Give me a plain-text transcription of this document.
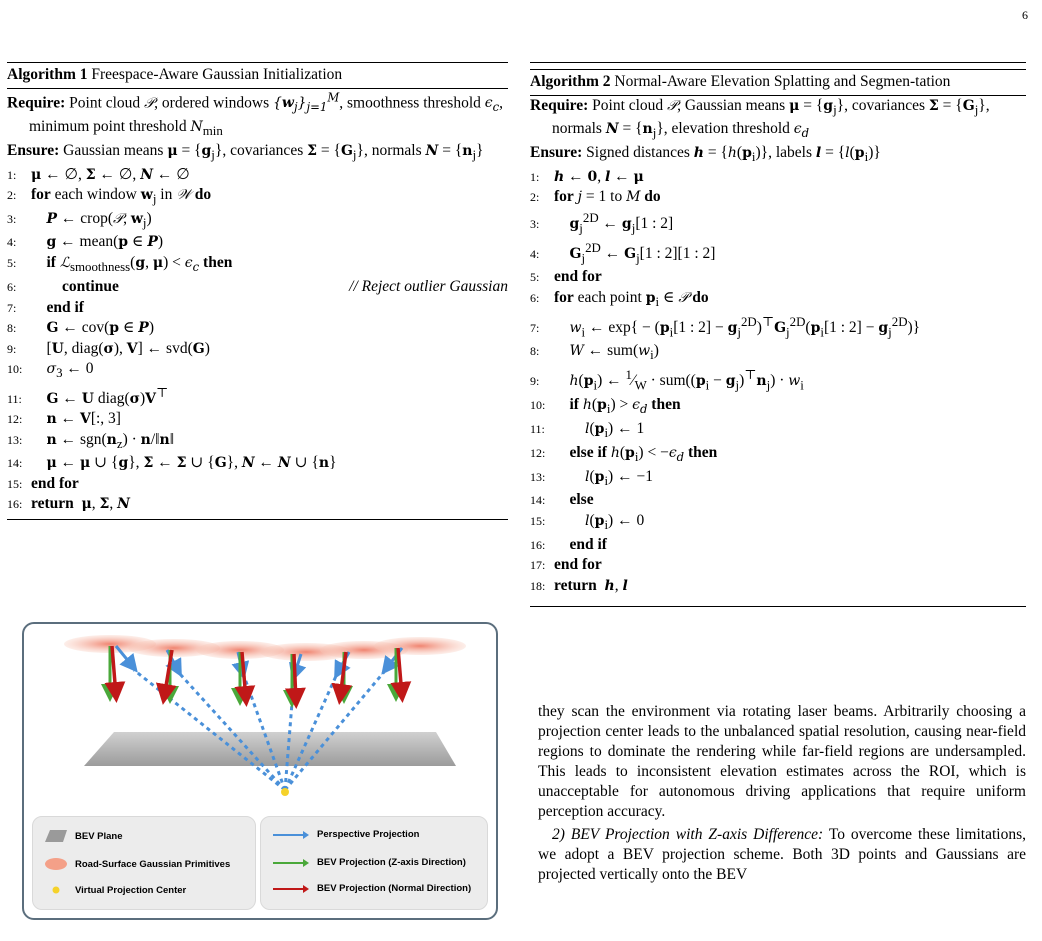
6
Algorithm 1 Freespace-Aware Gaussian Initialization
Require: Point cloud 𝒫, ordered windows $\{w_j\}_{j=1}^M$, smoothness threshold $\epsilon_c$, minimum point threshold $N_{min}$
Ensure: Gaussian means $\mu = \{g_j\}$, covariances $\Sigma = \{G_j\}$, normals $N = \{n_j\}$
1: μ ← ∅, Σ ← ∅, N ← ∅
2: for each window $w_j$ in 𝒲 do
3: P ← crop(𝒫, $w_j$)
4: g ← mean(p ∈ P)
5: if ℒ$_{smoothness}$(g, $\mu) < \epsilon_c$ then
6:	continue	// Reject outlier Gaussian
7: end if
8: G ← cov(p ∈ P)
9:    [U, diag(σ), V] ← svd(G)
10: $\sigma_3$ ← 0
11: G ← U diag(σ)V⊤
12: n ← V[:, 3]
13: n ← $sgn(n_z)$ · n/‖n‖
14: μ ← μ ∪ {g}, Σ ← Σ ∪ {G}, N ← N ∪ {n}
15: end for
16: return μ, Σ, N
Algorithm 2 Normal-Aware Elevation Splatting and Segmen-tation
Require: Point cloud 𝒫, Gaussian means $\mu = \{g_j\}$, covariances $\Sigma = \{G_j\}$, normals $N = \{n_j\}$, elevation threshold $\epsilon_d$
Ensure: Signed distances $h = \{h(p_i)\}$, labels $l = \{l(p_i)\}$
1: h ← 0, l ← μ
2: for j = 1 to M do
3: $g_j^{2D}$ ← $g_j[1$ : 2]
4: $G_j^{2D}$ ← $G_j[1$ : 2][1 : 2]
5: end for
6: for each point $p_i$ ∈ 𝒫 do
7: $w_i$ ← $\exp\{ - (p_i[1$ : $2] - g_j^{2D})^⊤G_j^{2D}(p_i[1$ : $2] - g_j^{2D}$)}
8: W ← $sum(w_i)$
9: $h(p_i)$ ← $^1⁄_W \cdot sum((p_i - g_j)^⊤n_j) \cdot w_i$
10: if $h(p_i) > \epsilon_d$ then
11:	$l(p_i)$ ← 1
12: else if $h(p_i) < -\epsilon_d$ then
13:	$l(p_i)$ ← −1
14: else
15:	$l(p_i)$ ← 0
16: end if
17: end for
18: return h, l
BEV Plane
Road-Surface Gaussian Primitives
Virtual Projection Center
Perspective Projection
BEV Projection (Z-axis Direction)
BEV Projection (Normal Direction)

they scan the environment via rotating laser beams. Arbitrarily choosing a projection center leads to the unbalanced spatial resolution, causing near-field regions to dominate the rendering while far-field regions are undersampled. This leads to inconsistent elevation estimates across the ROI, which is unacceptable for autonomous driving applications that require uniform perception accuracy.

2) BEV Projection with Z-axis Difference: To overcome these limitations, we adopt a BEV projection scheme. Both 3D points and Gaussians are projected vertically onto the BEV
